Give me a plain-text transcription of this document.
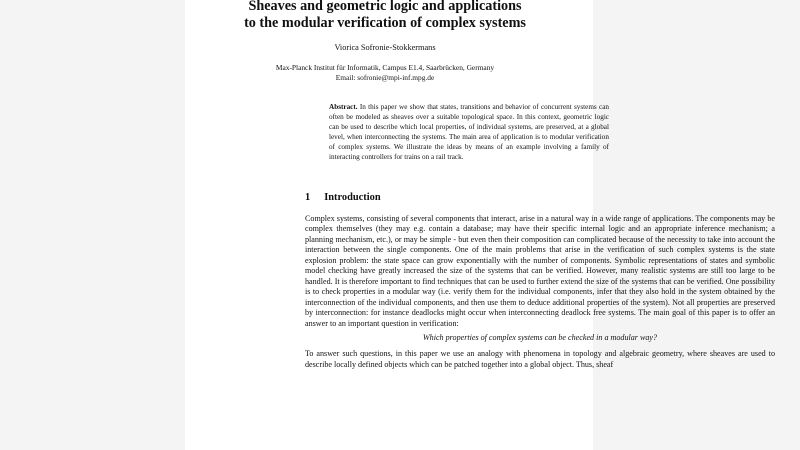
Sheaves and geometric logic and applications
to the modular verification of complex systems
Viorica Sofronie-Stokkermans
Max-Planck Institut für Informatik, Campus E1.4, Saarbrücken, Germany
Email: sofronie@mpi-inf.mpg.de
Abstract. In this paper we show that states, transitions and behavior of concurrent systems can often be modeled as sheaves over a suitable topological space. In this context, geometric logic can be used to describe which local properties, of individual systems, are preserved, at a global level, when interconnecting the systems. The main area of application is to modular verification of complex systems. We illustrate the ideas by means of an example involving a family of interacting controllers for trains on a rail track.
1 Introduction

Complex systems, consisting of several components that interact, arise in a natural way in a wide range of applications. The components may be complex themselves (they may e.g. contain a database; may have their specific internal logic and an appropriate inference mechanism; a planning mechanism, etc.), or may be simple - but even then their composition can complicated because of the necessity to take into account the interaction between the single components. One of the main problems that arise in the verification of such complex systems is the state explosion problem: the state space can grow exponentially with the number of components. Symbolic representations of states and symbolic model checking have greatly increased the size of the systems that can be verified. However, many realistic systems are still too large to be handled. It is therefore important to find techniques that can be used to further extend the size of the systems that can be verified. One possibility is to check properties in a modular way (i.e. verify them for the individual components, infer that they also hold in the system obtained by the interconnection of the individual components, and then use them to deduce additional properties of the system). Not all properties are preserved by interconnection: for instance deadlocks might occur when interconnecting deadlock free systems. The main goal of this paper is to offer an answer to an important question in verification:

Which properties of complex systems can be checked in a modular way?

To answer such questions, in this paper we use an analogy with phenomena in topology and algebraic geometry, where sheaves are used to describe locally defined objects which can be patched together into a global object. Thus, sheaf
